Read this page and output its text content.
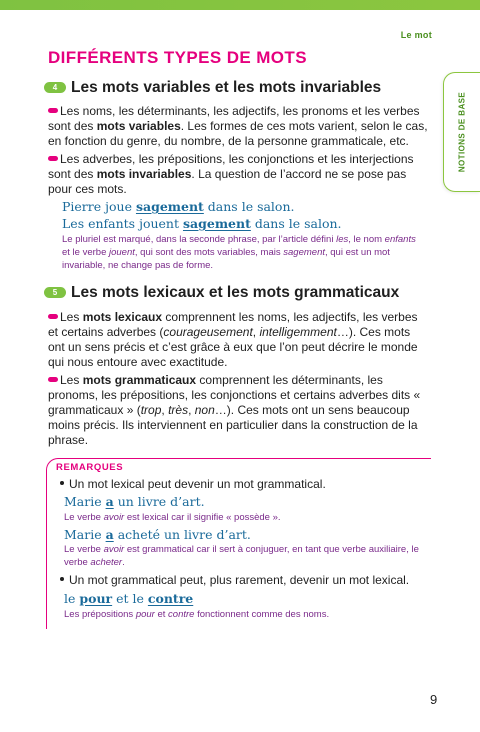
Le mot
NOTIONS DE BASE
DIFFÉRENTS TYPES DE MOTS
4 Les mots variables et les mots invariables
Les noms, les déterminants, les adjectifs, les pronoms et les verbes sont des mots variables. Les formes de ces mots varient, selon le cas, en fonction du genre, du nombre, de la personne grammaticale, etc.
Les adverbes, les prépositions, les conjonctions et les interjections sont des mots invariables. La question de l’accord ne se pose pas pour ces mots.
Pierre joue sagement dans le salon.
Les enfants jouent sagement dans le salon.
Le pluriel est marqué, dans la seconde phrase, par l’article défini les, le nom enfants et le verbe jouent, qui sont des mots variables, mais sagement, qui est un mot invariable, ne change pas de forme.
5 Les mots lexicaux et les mots grammaticaux
Les mots lexicaux comprennent les noms, les adjectifs, les verbes et certains adverbes (courageusement, intelligemment…). Ces mots ont un sens précis et c’est grâce à eux que l’on peut décrire le monde qui nous entoure avec exactitude.
Les mots grammaticaux comprennent les déterminants, les pronoms, les prépositions, les conjonctions et certains adverbes dits « grammaticaux » (trop, très, non…). Ces mots ont un sens beaucoup moins précis. Ils interviennent en particulier dans la construction de la phrase.
REMARQUES
Un mot lexical peut devenir un mot grammatical.
Marie a un livre d’art.
Le verbe avoir est lexical car il signifie « possède ».
Marie a acheté un livre d’art.
Le verbe avoir est grammatical car il sert à conjuguer, en tant que verbe auxiliaire, le verbe acheter.
Un mot grammatical peut, plus rarement, devenir un mot lexical.
le pour et le contre
Les prépositions pour et contre fonctionnent comme des noms.
9
